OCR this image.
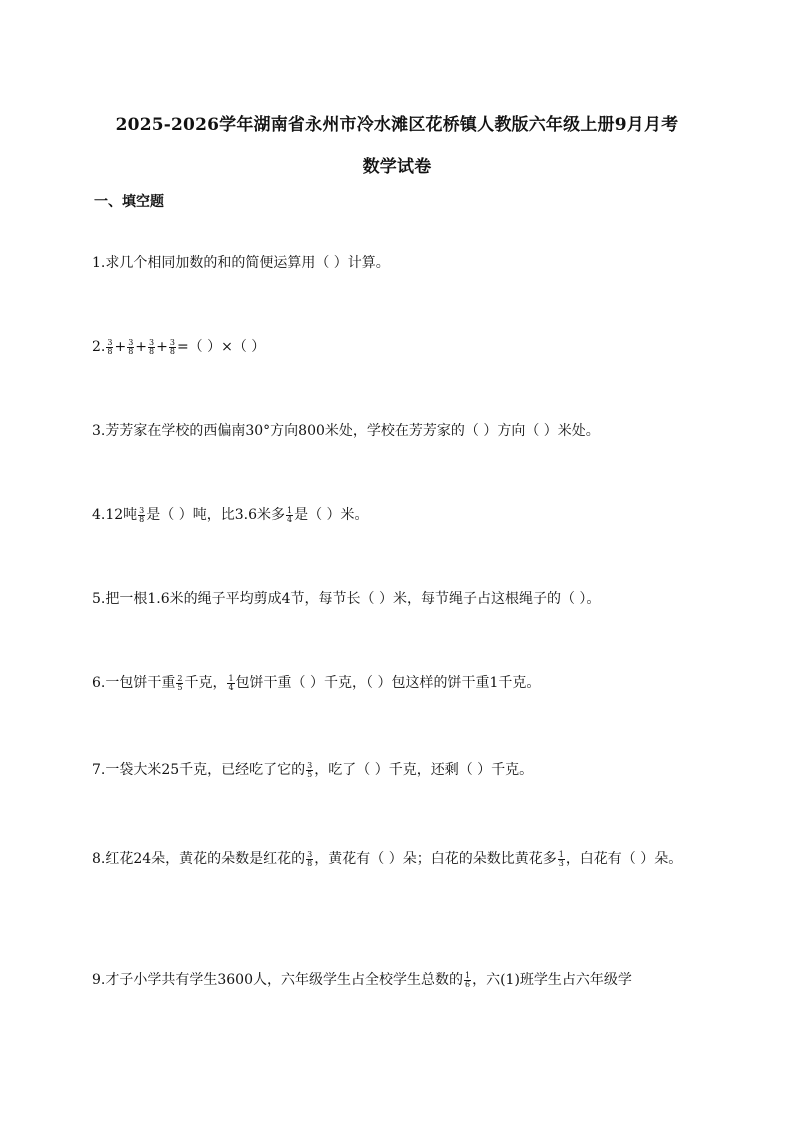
2025-2026学年湖南省永州市冷水滩区花桥镇人教版六年级上册9月月考
数学试卷
一、填空题
1.求几个相同加数的和的简便运算用（ ）计算。
2. $\frac{3}{8} + \frac{3}{8} + \frac{3}{8} + \frac{3}{8}$ =（ ）×（ ）
3.芳芳家在学校的西偏南30°方向800米处，学校在芳芳家的（ ）方向（ ）米处。
4.12吨 $\frac{3}{8}$ 是（ ）吨，比3.6米多 $\frac{1}{4}$ 是（ ）米。
5.把一根1.6米的绳子平均剪成4节，每节长（ ）米，每节绳子占这根绳子的（ ）。
6.一包饼干重 $\frac{2}{5}$ 千克， $\frac{1}{4}$ 包饼干重（ ）千克，（ ）包这样的饼干重1千克。
7.一袋大米25千克，已经吃了它的 $\frac{3}{5}$ ，吃了（ ）千克，还剩（ ）千克。
8.红花24朵，黄花的朵数是红花的 $\frac{3}{8}$ ，黄花有（ ）朵；白花的朵数比黄花多 $\frac{1}{3}$ ，白花有（ ）朵。
9.才子小学共有学生3600人，六年级学生占全校学生总数的 $\frac{1}{6}$ ，六(1)班学生占六年级学
